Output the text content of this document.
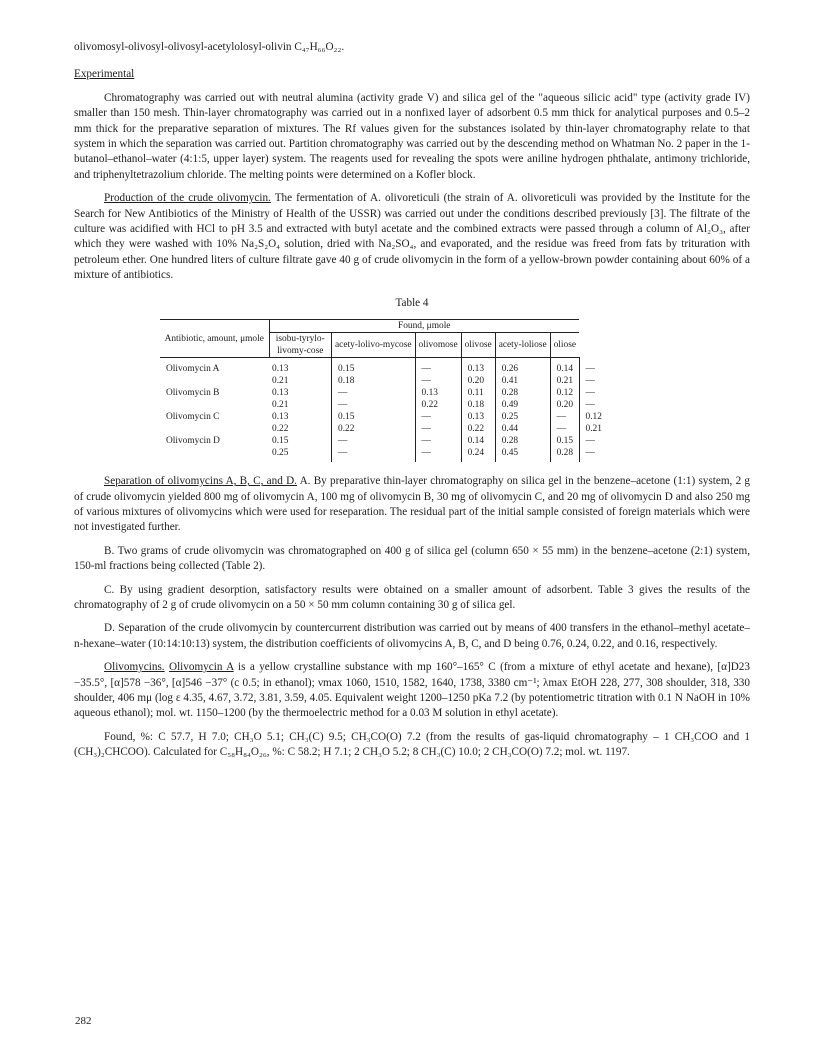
olivomosyl-olivosyl-olivosyl-acetylolosyl-olivin C₄₇H₆₆O₂₂.

Experimental

Chromatography was carried out with neutral alumina (activity grade V) and silica gel of the "aqueous silicic acid" type (activity grade IV) smaller than 150 mesh. Thin-layer chromatography was carried out in a nonfixed layer of adsorbent 0.5 mm thick for analytical purposes and 0.5–2 mm thick for the preparative separation of mixtures. The Rf values given for the substances isolated by thin-layer chromatography relate to that system in which the separation was carried out. Partition chromatography was carried out by the descending method on Whatman No. 2 paper in the 1-butanol–ethanol–water (4:1:5, upper layer) system. The reagents used for revealing the spots were aniline hydrogen phthalate, antimony trichloride, and triphenyltetrazolium chloride. The melting points were determined on a Kofler block.

Production of the crude olivomycin. The fermentation of A. olivoreticuli (the strain of A. olivoreticuli was provided by the Institute for the Search for New Antibiotics of the Ministry of Health of the USSR) was carried out under the conditions described previously [3]. The filtrate of the culture was acidified with HCl to pH 3.5 and extracted with butyl acetate and the combined extracts were passed through a column of Al₂O₃, after which they were washed with 10% Na₂S₂O₄ solution, dried with Na₂SO₄, and evaporated, and the residue was freed from fats by trituration with petroleum ether. One hundred liters of culture filtrate gave 40 g of crude olivomycin in the form of a yellow-brown powder containing about 60% of a mixture of antibiotics.

Table 4

Antibiotic, amount, μmole	Found, μmole						
	isobu-tyrylo-livomy-cose	acety-lolivo-mycose	olivomose	olivose	acety-loliose	oliose	
Olivomycin A	0.13	0.15	—	0.13	0.26	0.14	—
	0.21	0.18	—	0.20	0.41	0.21	—
Olivomycin B	0.13	—	0.13	0.11	0.28	0.12	—
	0.21	—	0.22	0.18	0.49	0.20	—
Olivomycin C	0.13	0.15	—	0.13	0.25	—	0.12
	0.22	0.22	—	0.22	0.44	—	0.21
Olivomycin D	0.15	—	—	0.14	0.28	0.15	—
	0.25	—	—	0.24	0.45	0.28	—

Separation of olivomycins A, B, C, and D. A. By preparative thin-layer chromatography on silica gel in the benzene–acetone (1:1) system, 2 g of crude olivomycin yielded 800 mg of olivomycin A, 100 mg of olivomycin B, 30 mg of olivomycin C, and 20 mg of olivomycin D and also 250 mg of various mixtures of olivomycins which were used for reseparation. The residual part of the initial sample consisted of foreign materials which were not investigated further.

B. Two grams of crude olivomycin was chromatographed on 400 g of silica gel (column 650 × 55 mm) in the benzene–acetone (2:1) system, 150-ml fractions being collected (Table 2).

C. By using gradient desorption, satisfactory results were obtained on a smaller amount of adsorbent. Table 3 gives the results of the chromatography of 2 g of crude olivomycin on a 50 × 50 mm column containing 30 g of silica gel.

D. Separation of the crude olivomycin by countercurrent distribution was carried out by means of 400 transfers in the ethanol–methyl acetate–n-hexane–water (10:14:10:13) system, the distribution coefficients of olivomycins A, B, C, and D being 0.76, 0.24, 0.22, and 0.16, respectively.

Olivomycins. Olivomycin A is a yellow crystalline substance with mp 160°–165° C (from a mixture of ethyl acetate and hexane), [α]D23 −35.5°, [α]578 −36°, [α]546 −37° (c 0.5; in ethanol); νmax 1060, 1510, 1582, 1640, 1738, 3380 cm⁻¹; λmax EtOH 228, 277, 308 shoulder, 318, 330 shoulder, 406 mμ (log ε 4.35, 4.67, 3.72, 3.81, 3.59, 4.05. Equivalent weight 1200–1250 pKa 7.2 (by potentiometric titration with 0.1 N NaOH in 10% aqueous ethanol); mol. wt. 1150–1200 (by the thermoelectric method for a 0.03 M solution in ethyl acetate).

Found, %: C 57.7, H 7.0; CH₃O 5.1; CH₃(C) 9.5; CH₃CO(O) 7.2 (from the results of gas-liquid chromatography – 1 CH₃COO and 1 (CH₃)₂CHCOO). Calculated for C₅₈H₈₄O₂₆, %: C 58.2; H 7.1; 2 CH₃O 5.2; 8 CH₃(C) 10.0; 2 CH₃CO(O) 7.2; mol. wt. 1197.

282
